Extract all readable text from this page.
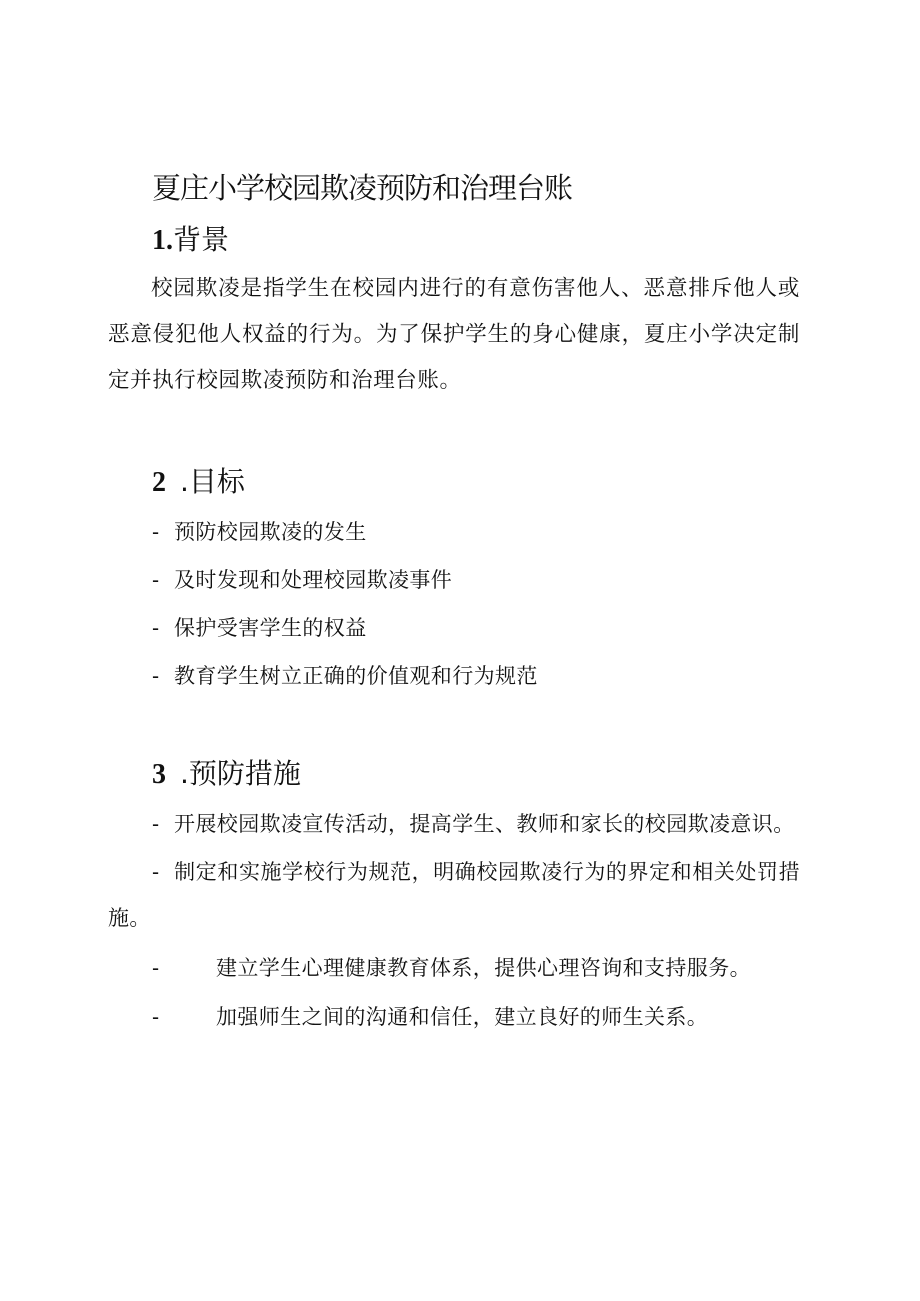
夏庄小学校园欺凌预防和治理台账
1.背景
校园欺凌是指学生在校园内进行的有意伤害他人、恶意排斥他人或恶意侵犯他人权益的行为。为了保护学生的身心健康，夏庄小学决定制定并执行校园欺凌预防和治理台账。
2 .目标
- 预防校园欺凌的发生
- 及时发现和处理校园欺凌事件
- 保护受害学生的权益
- 教育学生树立正确的价值观和行为规范
3 .预防措施
- 开展校园欺凌宣传活动，提高学生、教师和家长的校园欺凌意识。
- 制定和实施学校行为规范，明确校园欺凌行为的界定和相关处罚措施。
-	建立学生心理健康教育体系，提供心理咨询和支持服务。
-	加强师生之间的沟通和信任，建立良好的师生关系。
